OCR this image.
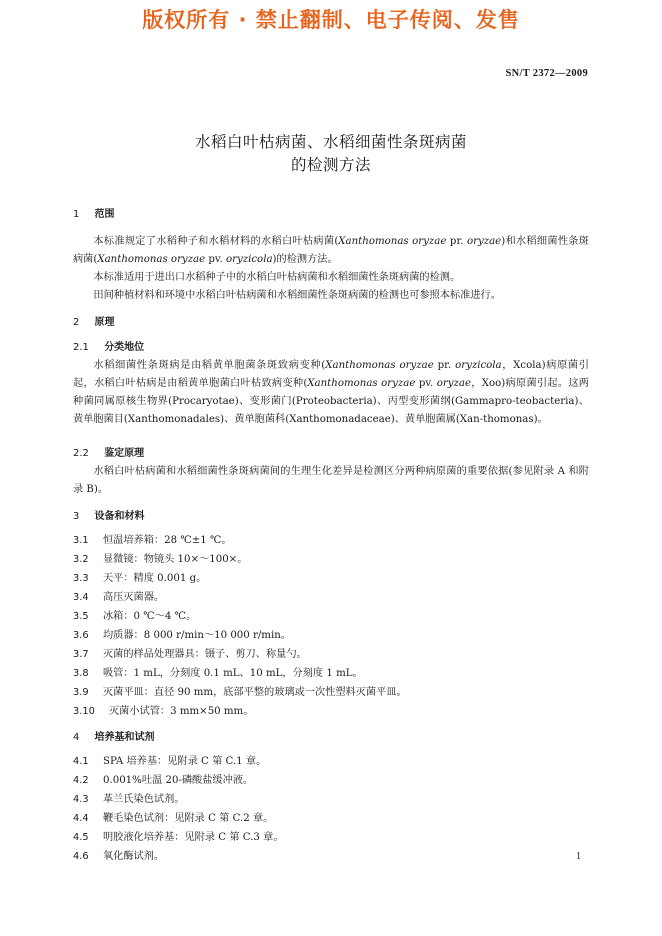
版权所有 · 禁止翻制、电子传阅、发售
SN/T 2372—2009
水稻白叶枯病菌、水稻细菌性条斑病菌
的检测方法
1 范围
本标准规定了水稻种子和水稻材料的水稻白叶枯病菌(Xanthomonas oryzae pr. oryzae)和水稻细菌性条斑病菌(Xanthomonas oryzae pv. oryzicola)的检测方法。
本标准适用于进出口水稻种子中的水稻白叶枯病菌和水稻细菌性条斑病菌的检测。
田间种植材料和环境中水稻白叶枯病菌和水稻细菌性条斑病菌的检测也可参照本标准进行。
2 原理
2.1 分类地位
水稻细菌性条斑病是由稻黄单胞菌条斑致病变种(Xanthomonas oryzae pr. oryzicola，Xcola)病原菌引起，水稻白叶枯病是由稻黄单胞菌白叶枯致病变种(Xanthomonas oryzae pv. oryzae，Xoo)病原菌引起。这两种菌同属原核生物界(Procaryotae)、变形菌门(Proteobacteria)、丙型变形菌纲(Gammapro-teobacteria)、黄单胞菌目(Xanthomonadales)、黄单胞菌科(Xanthomonadaceae)、黄单胞菌属(Xan-thomonas)。
2.2 鉴定原理
水稻白叶枯病菌和水稻细菌性条斑病菌间的生理生化差异是检测区分两种病原菌的重要依据(参见附录 A 和附录 B)。
3 设备和材料
3.1 恒温培养箱：28 ℃±1 ℃。
3.2 显微镜：物镜头 10×～100×。
3.3 天平：精度 0.001 g。
3.4 高压灭菌器。
3.5 冰箱：0 ℃～4 ℃。
3.6 均质器：8 000 r/min～10 000 r/min。
3.7 灭菌的样品处理器具：镊子、剪刀、称量勺。
3.8 吸管：1 mL，分刻度 0.1 mL、10 mL，分刻度 1 mL。
3.9 灭菌平皿：直径 90 mm，底部平整的玻璃或一次性塑料灭菌平皿。
3.10 灭菌小试管：3 mm×50 mm。
4 培养基和试剂
4.1 SPA 培养基：见附录 C 第 C.1 章。
4.2 0.001%吐温 20-磷酸盐缓冲液。
4.3 革兰氏染色试剂。
4.4 鞭毛染色试剂：见附录 C 第 C.2 章。
4.5 明胶液化培养基：见附录 C 第 C.3 章。
4.6 氧化酶试剂。	1
